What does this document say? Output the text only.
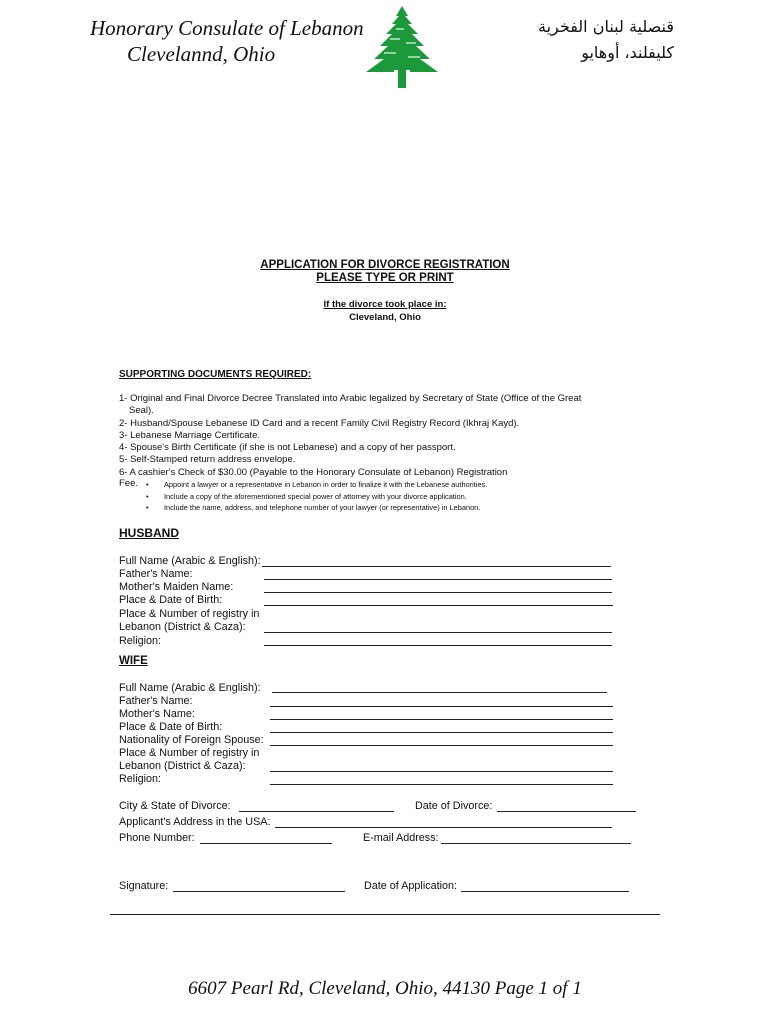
Honorary Consulate of Lebanon
Clevelannd, Ohio
قنصلية لبنان الفخرية
كليفلند، أوهايو
APPLICATION FOR DIVORCE REGISTRATION
PLEASE TYPE OR PRINT
If the divorce took place in:
Cleveland, Ohio
SUPPORTING DOCUMENTS REQUIRED:

1- Original and Final Divorce Decree Translated into Arabic legalized by Secretary of State (Office of the Great

Seal).

2- Husband/Spouse Lebanese ID Card and a recent Family Civil Registry Record (Ikhraj Kayd).

3- Lebanese Marriage Certificate.

4- Spouse's Birth Certificate (if she is not Lebanese) and a copy of her passport.

5- Self-Stamped return address envelope.

6- A cashier's Check of $30.00 (Payable to the Honorary Consulate of Lebanon) Registration

Fee. • Appoint a lawyer or a representative in Lebanon in order to finalize it with the Lebanese authorities.
• Include a copy of the aforementioned special power of attorney with your divorce application.
• Include the name, address, and telephone number of your lawyer (or representative) in Lebanon.
HUSBAND
Full Name (Arabic & English):
Father's Name:
Mother's Maiden Name:
Place & Date of Birth:
Place & Number of registry in
Lebanon (District & Caza):
Religion:
WIFE
Full Name (Arabic & English):
Father's Name:
Mother's Name:
Place & Date of Birth:
Nationality of Foreign Spouse:
Place & Number of registry in
Lebanon (District & Caza):
Religion:
City & State of Divorce:	Date of Divorce:
Applicant's Address in the USA:
Phone Number:	E-mail Address:
Signature:	Date of Application:
6607 Pearl Rd, Cleveland, Ohio, 44130 Page 1 of 1
